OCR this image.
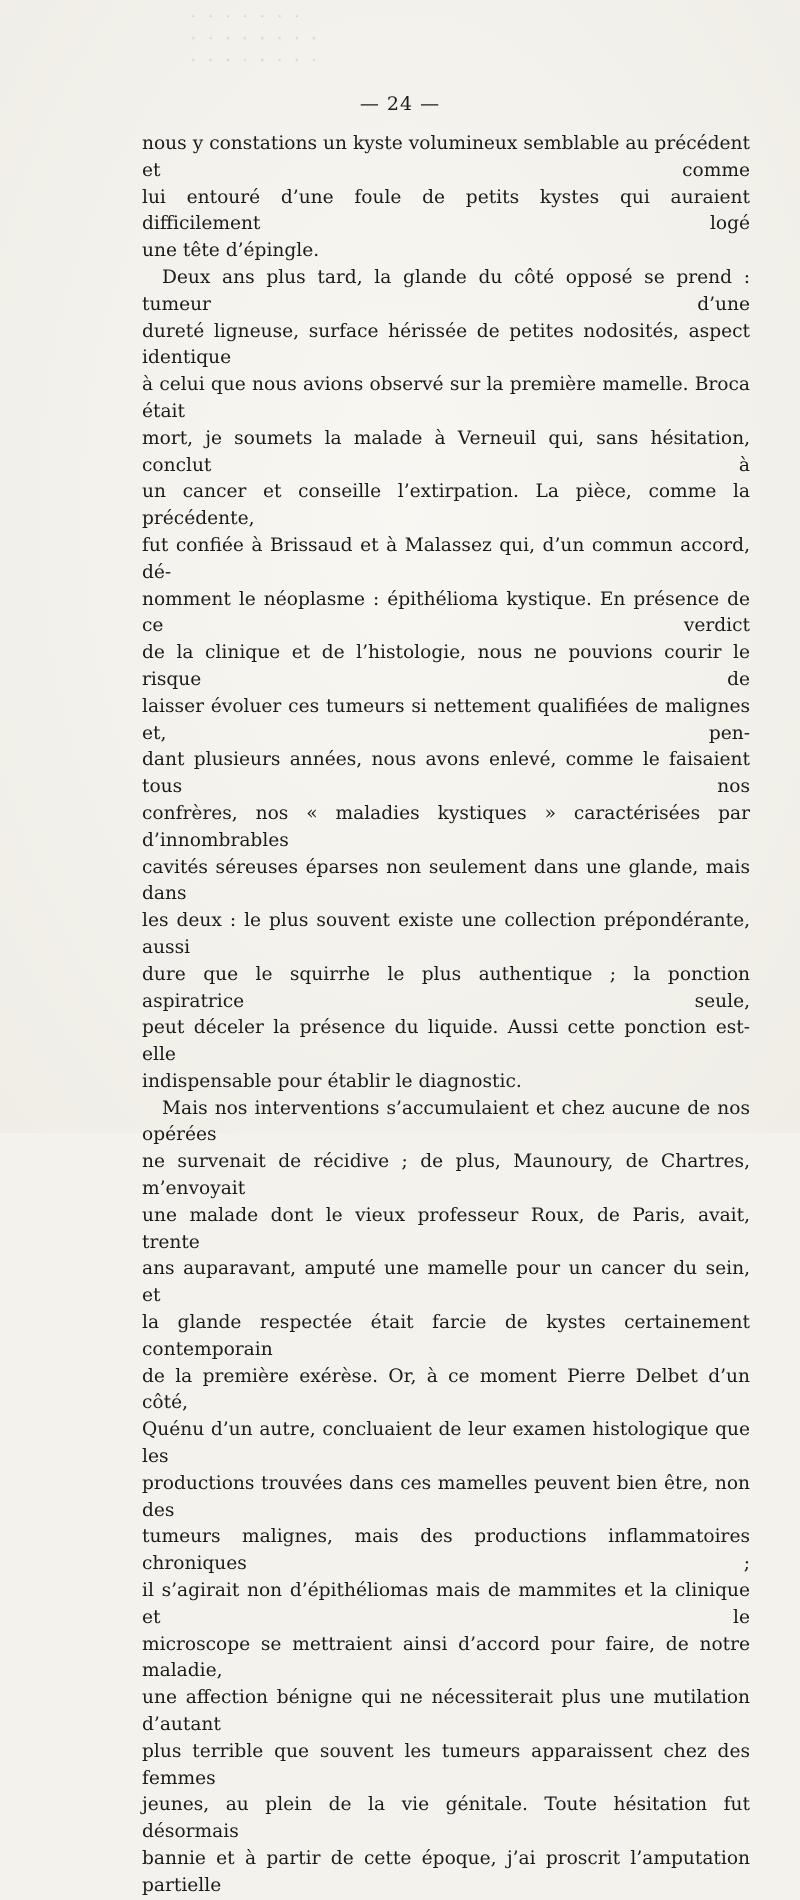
· · · · · · ·
· · · · · · · ·
· · · · · · · ·
— 24 —

nous y constations un kyste volumineux semblable au précédent et comme

lui entouré d’une foule de petits kystes qui auraient difficilement logé

une tête d’épingle.

Deux ans plus tard, la glande du côté opposé se prend : tumeur d’une

dureté ligneuse, surface hérissée de petites nodosités, aspect identique

à celui que nous avions observé sur la première mamelle. Broca était

mort, je soumets la malade à Verneuil qui, sans hésitation, conclut à

un cancer et conseille l’extirpation. La pièce, comme la précédente,

fut confiée à Brissaud et à Malassez qui, d’un commun accord, dé-

nomment le néoplasme : épithélioma kystique. En présence de ce verdict

de la clinique et de l’histologie, nous ne pouvions courir le risque de

laisser évoluer ces tumeurs si nettement qualifiées de malignes et, pen-

dant plusieurs années, nous avons enlevé, comme le faisaient tous nos

confrères, nos « maladies kystiques » caractérisées par d’innombrables

cavités séreuses éparses non seulement dans une glande, mais dans

les deux : le plus souvent existe une collection prépondérante, aussi

dure que le squirrhe le plus authentique ; la ponction aspiratrice seule,

peut déceler la présence du liquide. Aussi cette ponction est-elle

indispensable pour établir le diagnostic.

Mais nos interventions s’accumulaient et chez aucune de nos opérées

ne survenait de récidive ; de plus, Maunoury, de Chartres, m’envoyait

une malade dont le vieux professeur Roux, de Paris, avait, trente

ans auparavant, amputé une mamelle pour un cancer du sein, et

la glande respectée était farcie de kystes certainement contemporain

de la première exérèse. Or, à ce moment Pierre Delbet d’un côté,

Quénu d’un autre, concluaient de leur examen histologique que les

productions trouvées dans ces mamelles peuvent bien être, non des

tumeurs malignes, mais des productions inflammatoires chroniques ;

il s’agirait non d’épithéliomas mais de mammites et la clinique et le

microscope se mettraient ainsi d’accord pour faire, de notre maladie,

une affection bénigne qui ne nécessiterait plus une mutilation d’autant

plus terrible que souvent les tumeurs apparaissent chez des femmes

jeunes, au plein de la vie génitale. Toute hésitation fut désormais

bannie et à partir de cette époque, j’ai proscrit l’amputation partielle
